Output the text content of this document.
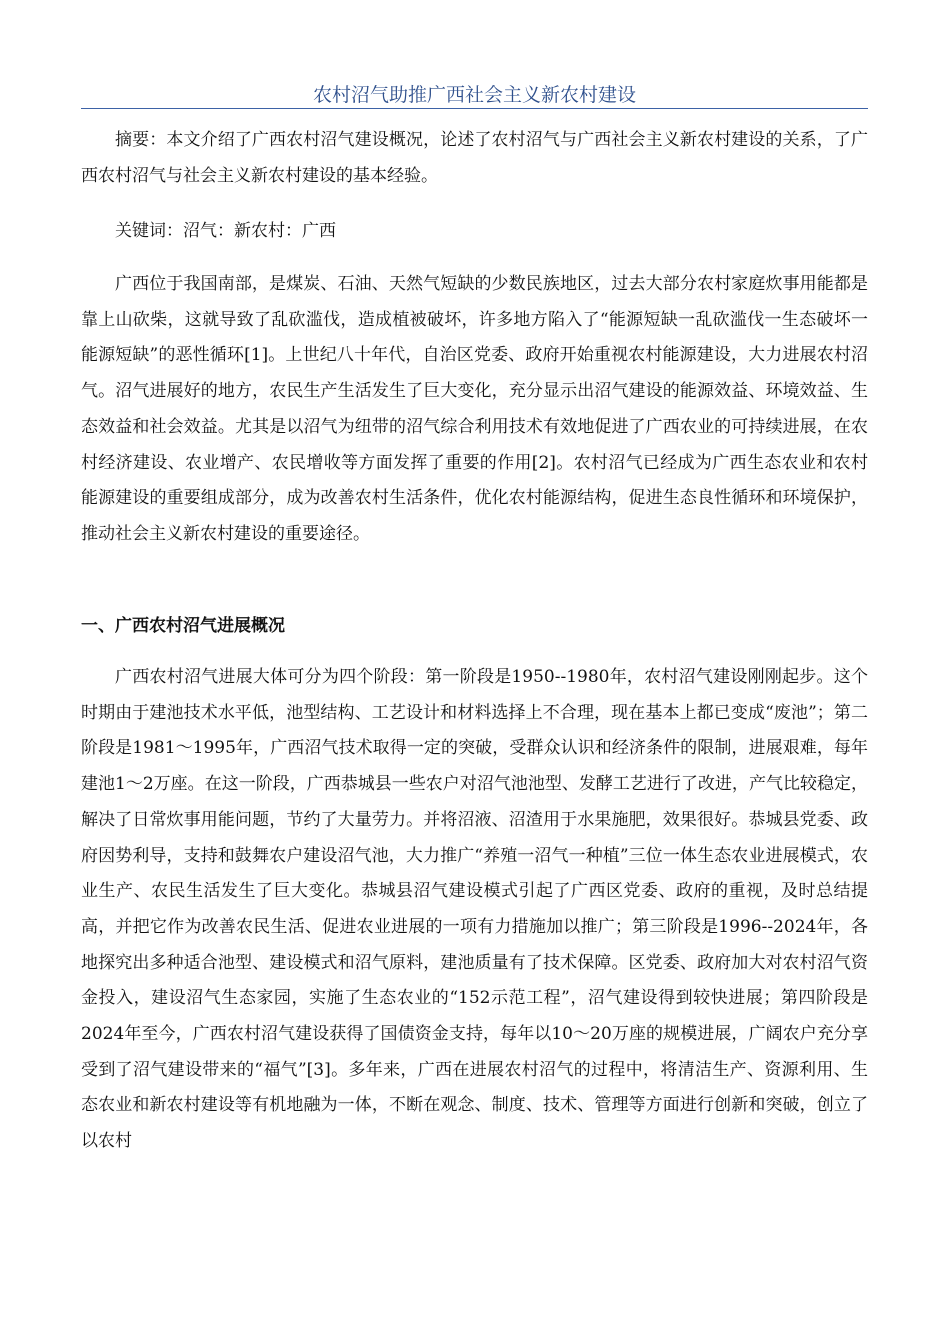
农村沼气助推广西社会主义新农村建设

摘要：本文介绍了广西农村沼气建设概况，论述了农村沼气与广西社会主义新农村建设的关系，了广西农村沼气与社会主义新农村建设的基本经验。

关键词：沼气：新农村：广西

广西位于我国南部，是煤炭、石油、天然气短缺的少数民族地区，过去大部分农村家庭炊事用能都是靠上山砍柴，这就导致了乱砍滥伐，造成植被破坏，许多地方陷入了“能源短缺一乱砍滥伐一生态破坏一能源短缺”的恶性循环[1]。上世纪八十年代，自治区党委、政府开始重视农村能源建设，大力进展农村沼气。沼气进展好的地方，农民生产生活发生了巨大变化，充分显示出沼气建设的能源效益、环境效益、生态效益和社会效益。尤其是以沼气为纽带的沼气综合利用技术有效地促进了广西农业的可持续进展，在农村经济建设、农业增产、农民增收等方面发挥了重要的作用[2]。农村沼气已经成为广西生态农业和农村能源建设的重要组成部分，成为改善农村生活条件，优化农村能源结构，促进生态良性循环和环境保护，推动社会主义新农村建设的重要途径。

一、广西农村沼气进展概况

广西农村沼气进展大体可分为四个阶段：第一阶段是1950--1980年，农村沼气建设刚刚起步。这个时期由于建池技术水平低，池型结构、工艺设计和材料选择上不合理，现在基本上都已变成“废池”；第二阶段是1981～1995年，广西沼气技术取得一定的突破，受群众认识和经济条件的限制，进展艰难，每年建池1～2万座。在这一阶段，广西恭城县一些农户对沼气池池型、发酵工艺进行了改进，产气比较稳定，解决了日常炊事用能问题，节约了大量劳力。并将沼液、沼渣用于水果施肥，效果很好。恭城县党委、政府因势利导，支持和鼓舞农户建设沼气池，大力推广“养殖一沼气一种植”三位一体生态农业进展模式，农业生产、农民生活发生了巨大变化。恭城县沼气建设模式引起了广西区党委、政府的重视，及时总结提高，并把它作为改善农民生活、促进农业进展的一项有力措施加以推广；第三阶段是1996--2024年，各地探究出多种适合池型、建设模式和沼气原料，建池质量有了技术保障。区党委、政府加大对农村沼气资金投入，建设沼气生态家园，实施了生态农业的“152示范工程”，沼气建设得到较快进展；第四阶段是2024年至今，广西农村沼气建设获得了国债资金支持，每年以10～20万座的规模进展，广阔农户充分享受到了沼气建设带来的“福气”[3]。多年来，广西在进展农村沼气的过程中，将清洁生产、资源利用、生态农业和新农村建设等有机地融为一体，不断在观念、制度、技术、管理等方面进行创新和突破，创立了以农村
